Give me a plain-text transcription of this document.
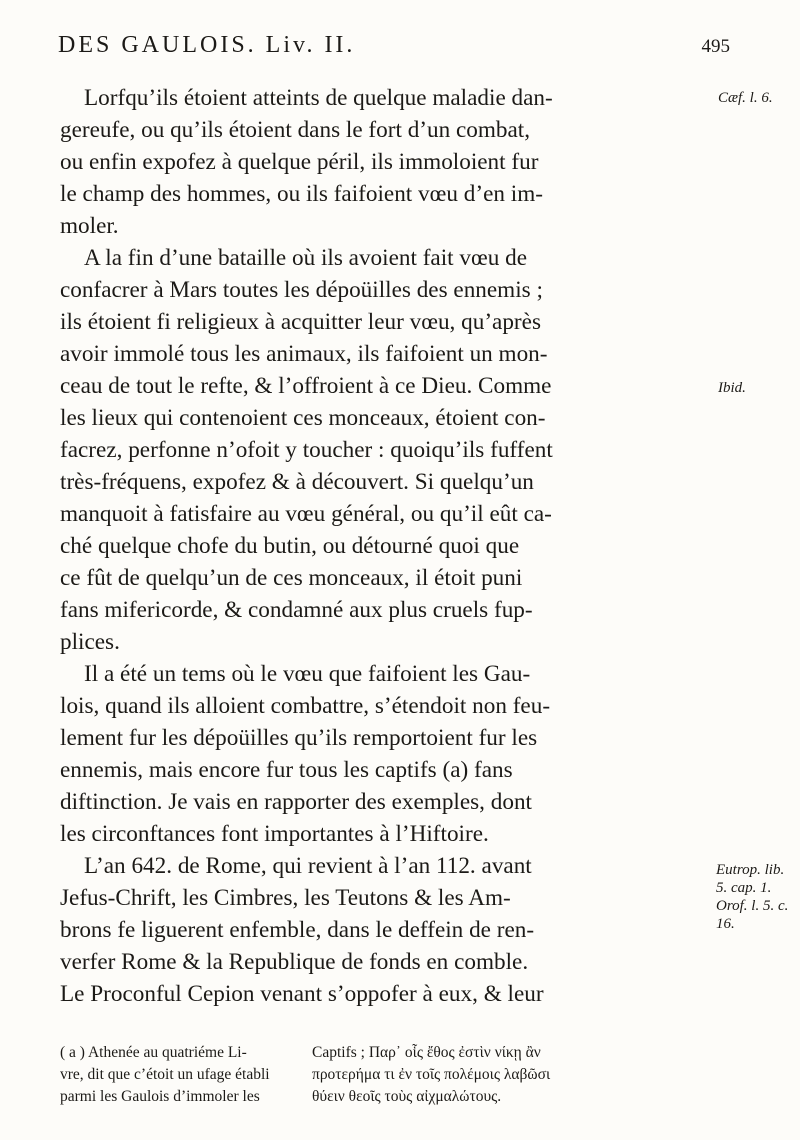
DES GAULOIS. Liv. II.	495
Lorfqu’ils étoient atteints de quelque maladie dan-
gereufe, ou qu’ils étoient dans le fort d’un combat,
ou enfin expofez à quelque péril, ils immoloient fur
le champ des hommes, ou ils faifoient vœu d’en im-
moler.
A la fin d’une bataille où ils avoient fait vœu de
confacrer à Mars toutes les dépoüilles des ennemis ;
ils étoient fi religieux à acquitter leur vœu, qu’après
avoir immolé tous les animaux, ils faifoient un mon-
ceau de tout le refte, & l’offroient à ce Dieu. Comme
les lieux qui contenoient ces monceaux, étoient con-
facrez, perfonne n’ofoit y toucher : quoiqu’ils fuffent
très-fréquens, expofez & à découvert. Si quelqu’un
manquoit à fatisfaire au vœu général, ou qu’il eût ca-
ché quelque chofe du butin, ou détourné quoi que
ce fût de quelqu’un de ces monceaux, il étoit puni
fans mifericorde, & condamné aux plus cruels fup-
plices.
Il a été un tems où le vœu que faifoient les Gau-
lois, quand ils alloient combattre, s’étendoit non feu-
lement fur les dépoüilles qu’ils remportoient fur les
ennemis, mais encore fur tous les captifs (a) fans
diftinction. Je vais en rapporter des exemples, dont
les circonftances font importantes à l’Hiftoire.
L’an 642. de Rome, qui revient à l’an 112. avant
Jefus-Chrift, les Cimbres, les Teutons & les Am-
brons fe liguerent enfemble, dans le deffein de ren-
verfer Rome & la Republique de fonds en comble.
Le Proconful Cepion venant s’oppofer à eux, & leur
Cæf. l. 6.
Ibid.
Eutrop. lib.
5. cap. 1.
Orof. l. 5. c.
16.
( a ) Athenée au quatriéme Li-
vre, dit que c’étoit un ufage établi
parmi les Gaulois d’immoler les
Captifs ; Παρ᾽ οἷς ἔθος ἐστὶν νίκῃ ἂν
προτερήμα τι ἐν τοῖς πολέμοις λαβῶσι
θύειν θεοῖς τοὺς αἰχμαλώτους.
